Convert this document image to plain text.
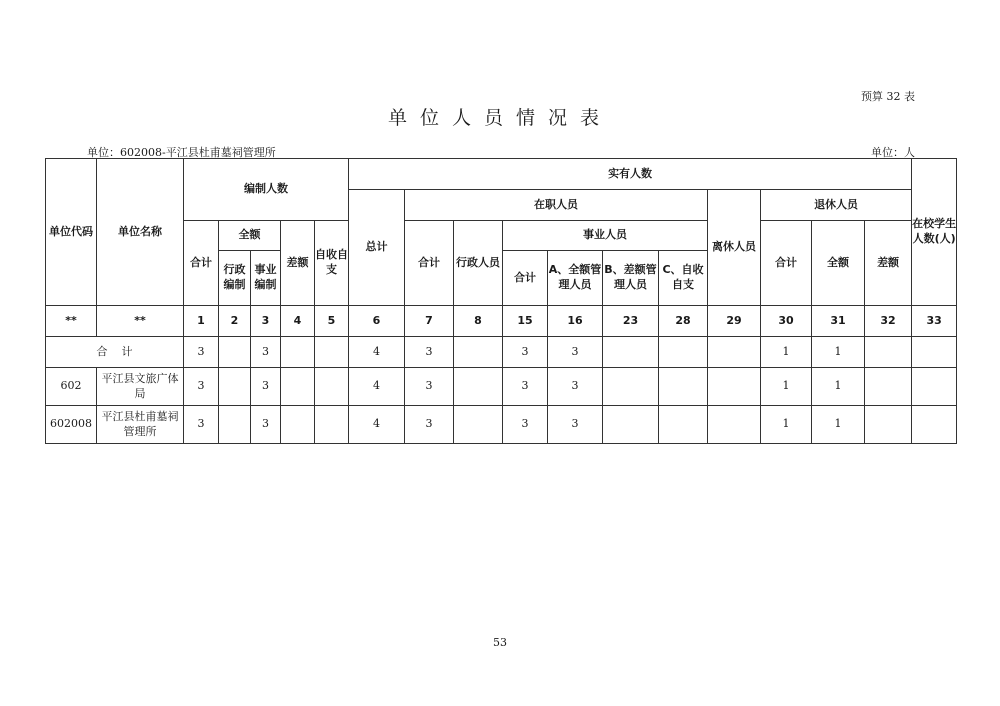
预算 32 表
单位人员情况表
单位：602008-平江县杜甫墓祠管理所	单位：人
单位代码	单位名称	编制人数					实有人数											在校学生人数(人)
							总计	在职人员						离休人员	退休人员			
		合计	全额		差额	自收自支		合计	行政人员	事业人员					合计	全额	差额	
			行政编制	事业编制						合计	A、全额管理人员	B、差额管理人员	C、自收自支					
**	**	1	2	3	4	5	6	7	8	15	16	23	28	29	30	31	32	33
合    计		3		3			4	3		3	3				1	1		
602	平江县文旅广体局	3		3			4	3		3	3				1	1		
602008	平江县杜甫墓祠管理所	3		3			4	3		3	3				1	1		
53
